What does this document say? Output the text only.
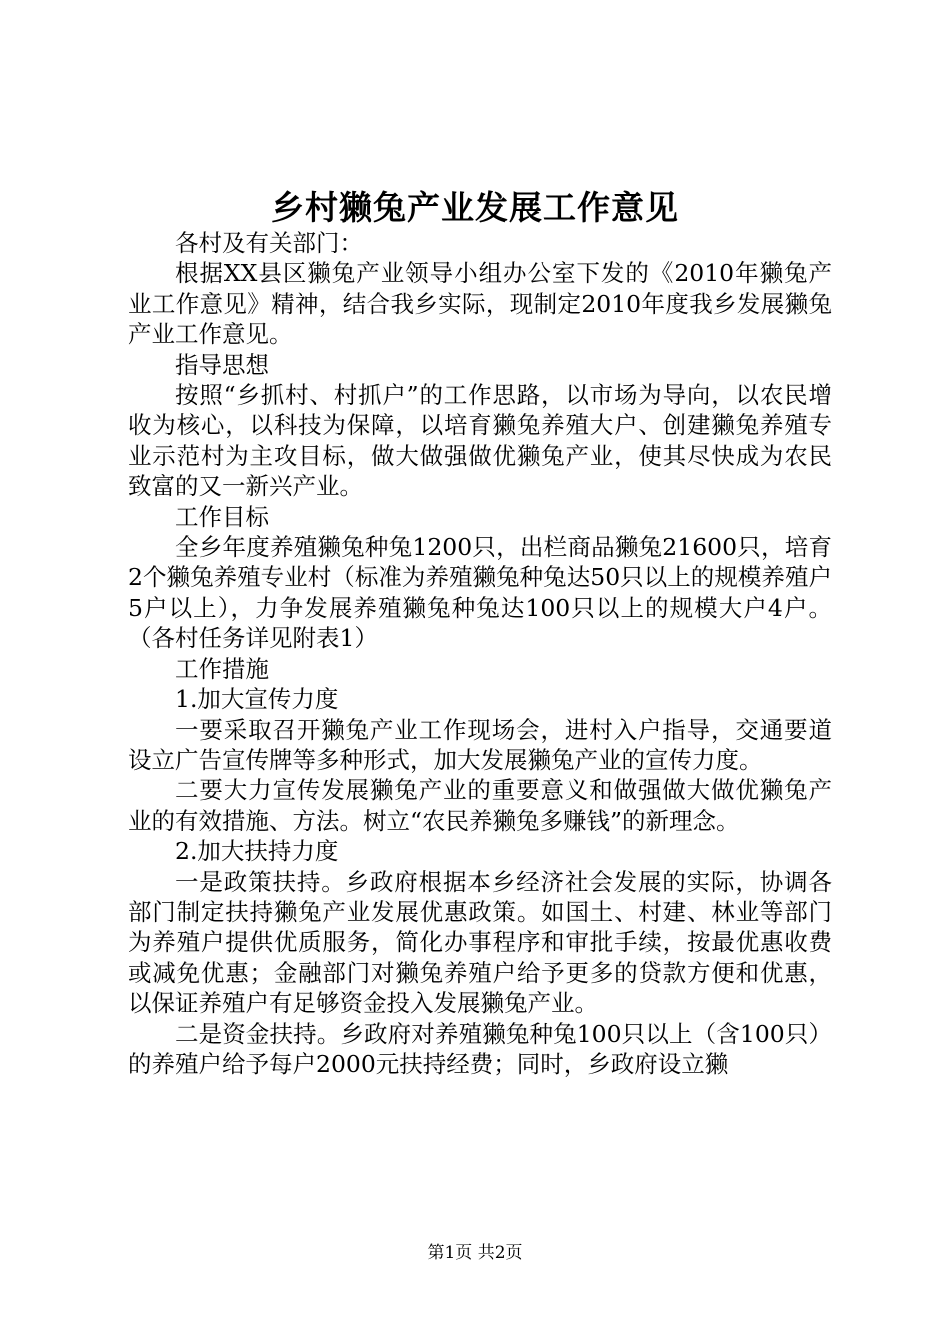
乡村獭兔产业发展工作意见

各村及有关部门：

根据XX县区獭兔产业领导小组办公室下发的《2010年獭兔产业工作意见》精神，结合我乡实际，现制定2010年度我乡发展獭兔产业工作意见。

指导思想

按照“乡抓村、村抓户”的工作思路，以市场为导向，以农民增收为核心，以科技为保障，以培育獭兔养殖大户、创建獭兔养殖专业示范村为主攻目标，做大做强做优獭兔产业，使其尽快成为农民致富的又一新兴产业。

工作目标

全乡年度养殖獭兔种兔1200只，出栏商品獭兔21600只，培育2个獭兔养殖专业村（标准为养殖獭兔种兔达50只以上的规模养殖户5户以上），力争发展养殖獭兔种兔达100只以上的规模大户4户。（各村任务详见附表1）

工作措施

1.加大宣传力度

一要采取召开獭兔产业工作现场会，进村入户指导，交通要道设立广告宣传牌等多种形式，加大发展獭兔产业的宣传力度。

二要大力宣传发展獭兔产业的重要意义和做强做大做优獭兔产业的有效措施、方法。树立“农民养獭兔多赚钱”的新理念。

2.加大扶持力度

一是政策扶持。乡政府根据本乡经济社会发展的实际，协调各部门制定扶持獭兔产业发展优惠政策。如国土、村建、林业等部门为养殖户提供优质服务，简化办事程序和审批手续，按最优惠收费或减免优惠；金融部门对獭兔养殖户给予更多的贷款方便和优惠，以保证养殖户有足够资金投入发展獭兔产业。

二是资金扶持。乡政府对养殖獭兔种兔100只以上（含100只）的养殖户给予每户2000元扶持经费；同时，乡政府设立獭

第1页 共2页
